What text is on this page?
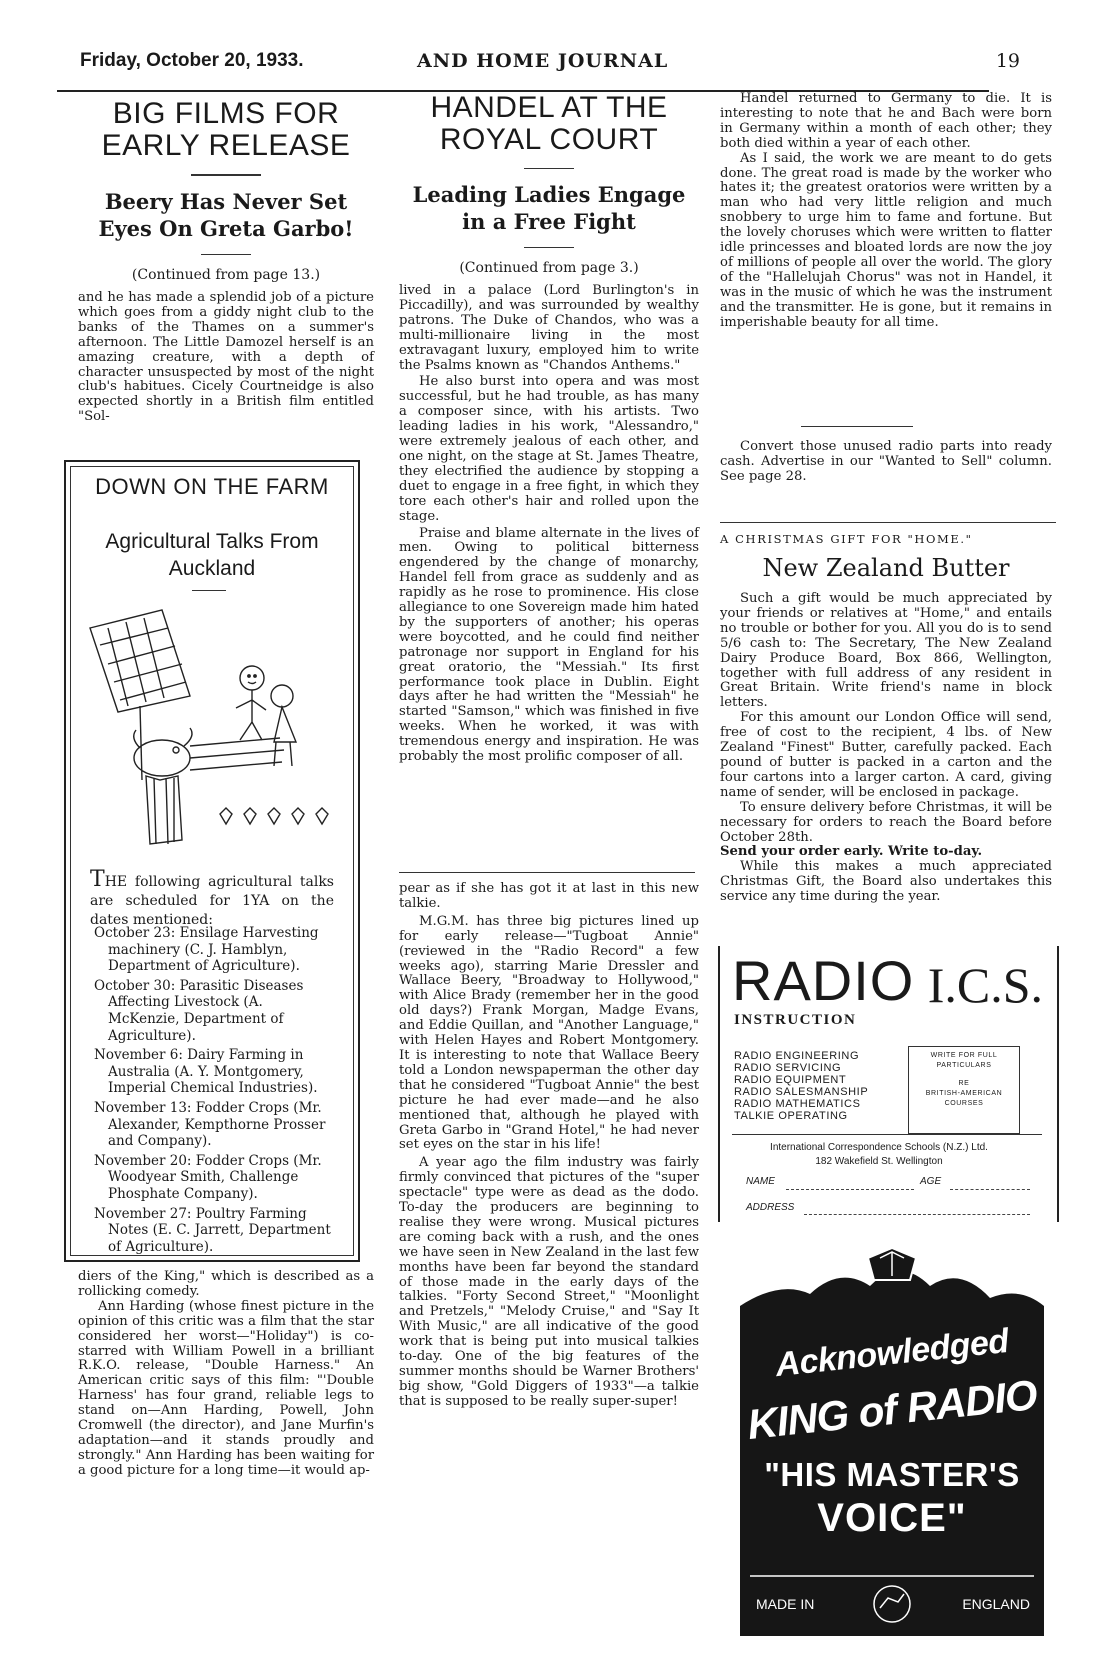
Friday, October 20, 1933.	AND HOME JOURNAL	19
BIG FILMS FOR EARLY RELEASE
Beery Has Never Set Eyes On Greta Garbo!

(Continued from page 13.)

and he has made a splendid job of a picture which goes from a giddy night club to the banks of the Thames on a summer's afternoon. The Little Damozel herself is an amazing creature, with a depth of character unsuspected by most of the night club's habitues. Cicely Courtneidge is also expected shortly in a British film entitled "Sol-

DOWN ON THE FARM
Agricultural Talks From Auckland
THE following agricultural talks are scheduled for 1YA on the dates mentioned:
October 23: Ensilage Harvesting machinery (C. J. Hamblyn, Department of Agriculture).
October 30: Parasitic Diseases Affecting Livestock (A. McKenzie, Department of Agriculture).
November 6: Dairy Farming in Australia (A. Y. Montgomery, Imperial Chemical Industries).
November 13: Fodder Crops (Mr. Alexander, Kempthorne Prosser and Company).
November 20: Fodder Crops (Mr. Woodyear Smith, Challenge Phosphate Company).
November 27: Poultry Farming Notes (E. C. Jarrett, Department of Agriculture).

diers of the King," which is described as a rollicking comedy.

Ann Harding (whose finest picture in the opinion of this critic was a film that the star considered her worst—"Holiday") is co-starred with William Powell in a brilliant R.K.O. release, "Double Harness." An American critic says of this film: "'Double Harness' has four grand, reliable legs to stand on—Ann Harding, Powell, John Cromwell (the director), and Jane Murfin's adaptation—and it stands proudly and strongly." Ann Harding has been waiting for a good picture for a long time—it would ap-

HANDEL AT THE ROYAL COURT
Leading Ladies Engage in a Free Fight

(Continued from page 3.)

lived in a palace (Lord Burlington's in Piccadilly), and was surrounded by wealthy patrons. The Duke of Chandos, who was a multi-millionaire living in the most extravagant luxury, employed him to write the Psalms known as "Chandos Anthems."

He also burst into opera and was most successful, but he had trouble, as has many a composer since, with his artists. Two leading ladies in his work, "Alessandro," were extremely jealous of each other, and one night, on the stage at St. James Theatre, they electrified the audience by stopping a duet to engage in a free fight, in which they tore each other's hair and rolled upon the stage.

Praise and blame alternate in the lives of men. Owing to political bitterness engendered by the change of monarchy, Handel fell from grace as suddenly and as rapidly as he rose to prominence. His close allegiance to one Sovereign made him hated by the supporters of another; his operas were boycotted, and he could find neither patronage nor support in England for his great oratorio, the "Messiah." Its first performance took place in Dublin. Eight days after he had written the "Messiah" he started "Samson," which was finished in five weeks. When he worked, it was with tremendous energy and inspiration. He was probably the most prolific composer of all.

pear as if she has got it at last in this new talkie.

M.G.M. has three big pictures lined up for early release—"Tugboat Annie" (reviewed in the "Radio Record" a few weeks ago), starring Marie Dressler and Wallace Beery, "Broadway to Hollywood," with Alice Brady (remember her in the good old days?) Frank Morgan, Madge Evans, and Eddie Quillan, and "Another Language," with Helen Hayes and Robert Montgomery. It is interesting to note that Wallace Beery told a London newspaperman the other day that he considered "Tugboat Annie" the best picture he had ever made—and he also mentioned that, although he played with Greta Garbo in "Grand Hotel," he had never set eyes on the star in his life!

A year ago the film industry was fairly firmly convinced that pictures of the "super spectacle" type were as dead as the dodo. To-day the producers are beginning to realise they were wrong. Musical pictures are coming back with a rush, and the ones we have seen in New Zealand in the last few months have been far beyond the standard of those made in the early days of the talkies. "Forty Second Street," "Moonlight and Pretzels," "Melody Cruise," and "Say It With Music," are all indicative of the good work that is being put into musical talkies to-day. One of the big features of the summer months should be Warner Brothers' big show, "Gold Diggers of 1933"—a talkie that is supposed to be really super-super!

Handel returned to Germany to die. It is interesting to note that he and Bach were born in Germany within a month of each other; they both died within a year of each other.

As I said, the work we are meant to do gets done. The great road is made by the worker who hates it; the greatest oratorios were written by a man who had very little religion and much snobbery to urge him to fame and fortune. But the lovely choruses which were written to flatter idle princesses and bloated lords are now the joy of millions of people all over the world. The glory of the "Hallelujah Chorus" was not in Handel, it was in the music of which he was the instrument and the transmitter. He is gone, but it remains in imperishable beauty for all time.

Convert those unused radio parts into ready cash. Advertise in our "Wanted to Sell" column. See page 28.

A CHRISTMAS GIFT FOR "HOME."

New Zealand Butter

Such a gift would be much appreciated by your friends or relatives at "Home," and entails no trouble or bother for you. All you do is to send 5/6 cash to: The Secretary, The New Zealand Dairy Produce Board, Box 866, Wellington, together with full address of any resident in Great Britain. Write friend's name in block letters.

For this amount our London Office will send, free of cost to the recipient, 4 lbs. of New Zealand "Finest" Butter, carefully packed. Each pound of butter is packed in a carton and the four cartons into a larger carton. A card, giving name of sender, will be enclosed in package.

To ensure delivery before Christmas, it will be necessary for orders to reach the Board before October 28th.

Send your order early. Write to-day.

While this makes a much appreciated Christmas Gift, the Board also undertakes this service any time during the year.

RADIO I.C.S.
INSTRUCTION
RADIO ENGINEERING
RADIO SERVICING
RADIO EQUIPMENT
RADIO SALESMANSHIP
RADIO MATHEMATICS
TALKIE OPERATING
WRITE FOR FULL PARTICULARS
RE
BRITISH-AMERICAN COURSES
International Correspondence Schools (N.Z.) Ltd.
182 Wakefield St. Wellington
NAME	AGE
ADDRESS
Acknowledged
KING of RADIO
"HIS MASTER'S
VOICE"
MADE IN	ENGLAND
